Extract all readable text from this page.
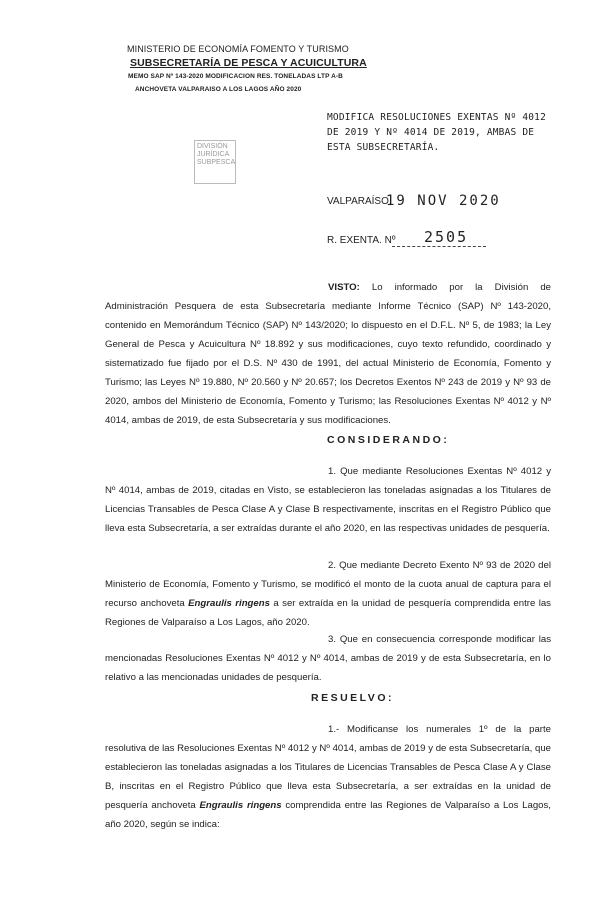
MINISTERIO DE ECONOMÍA FOMENTO Y TURISMO
SUBSECRETARÍA DE PESCA Y ACUICULTURA
MEMO SAP Nº 143-2020 MODIFICACION RES. TONELADAS LTP A-B
ANCHOVETA VALPARAISO A LOS LAGOS AÑO 2020
DIVISIÓN
JURÍDICA
SUBPESCA
MODIFICA RESOLUCIONES EXENTAS Nº 4012 DE 2019 Y Nº 4014 DE 2019, AMBAS DE ESTA SUBSECRETARÍA.
VALPARAÍSO,
19 NOV 2020
R. EXENTA. Nº 2505
VISTO: Lo informado por la División de Administración Pesquera de esta Subsecretaría mediante Informe Técnico (SAP) Nº 143-2020, contenido en Memorándum Técnico (SAP) Nº 143/2020; lo dispuesto en el D.F.L. Nº 5, de 1983; la Ley General de Pesca y Acuicultura Nº 18.892 y sus modificaciones, cuyo texto refundido, coordinado y sistematizado fue fijado por el D.S. Nº 430 de 1991, del actual Ministerio de Economía, Fomento y Turismo; las Leyes Nº 19.880, Nº 20.560 y Nº 20.657; los Decretos Exentos Nº 243 de 2019 y Nº 93 de 2020, ambos del Ministerio de Economía, Fomento y Turismo; las Resoluciones Exentas Nº 4012 y Nº 4014, ambas de 2019, de esta Subsecretaría y sus modificaciones.
CONSIDERANDO:
1. Que mediante Resoluciones Exentas Nº 4012 y Nº 4014, ambas de 2019, citadas en Visto, se establecieron las toneladas asignadas a los Titulares de Licencias Transables de Pesca Clase A y Clase B respectivamente, inscritas en el Registro Público que lleva esta Subsecretaría, a ser extraídas durante el año 2020, en las respectivas unidades de pesquería.
2. Que mediante Decreto Exento Nº 93 de 2020 del Ministerio de Economía, Fomento y Turismo, se modificó el monto de la cuota anual de captura para el recurso anchoveta Engraulis ringens a ser extraída en la unidad de pesquería comprendida entre las Regiones de Valparaíso a Los Lagos, año 2020.
3. Que en consecuencia corresponde modificar las mencionadas Resoluciones Exentas Nº 4012 y Nº 4014, ambas de 2019 y de esta Subsecretaría, en lo relativo a las mencionadas unidades de pesquería.
RESUELVO:
1.- Modificanse los numerales 1º de la parte resolutiva de las Resoluciones Exentas Nº 4012 y Nº 4014, ambas de 2019 y de esta Subsecretaría, que establecieron las toneladas asignadas a los Titulares de Licencias Transables de Pesca Clase A y Clase B, inscritas en el Registro Público que lleva esta Subsecretaría, a ser extraídas en la unidad de pesquería anchoveta Engraulis ringens comprendida entre las Regiones de Valparaíso a Los Lagos, año 2020, según se indica:
